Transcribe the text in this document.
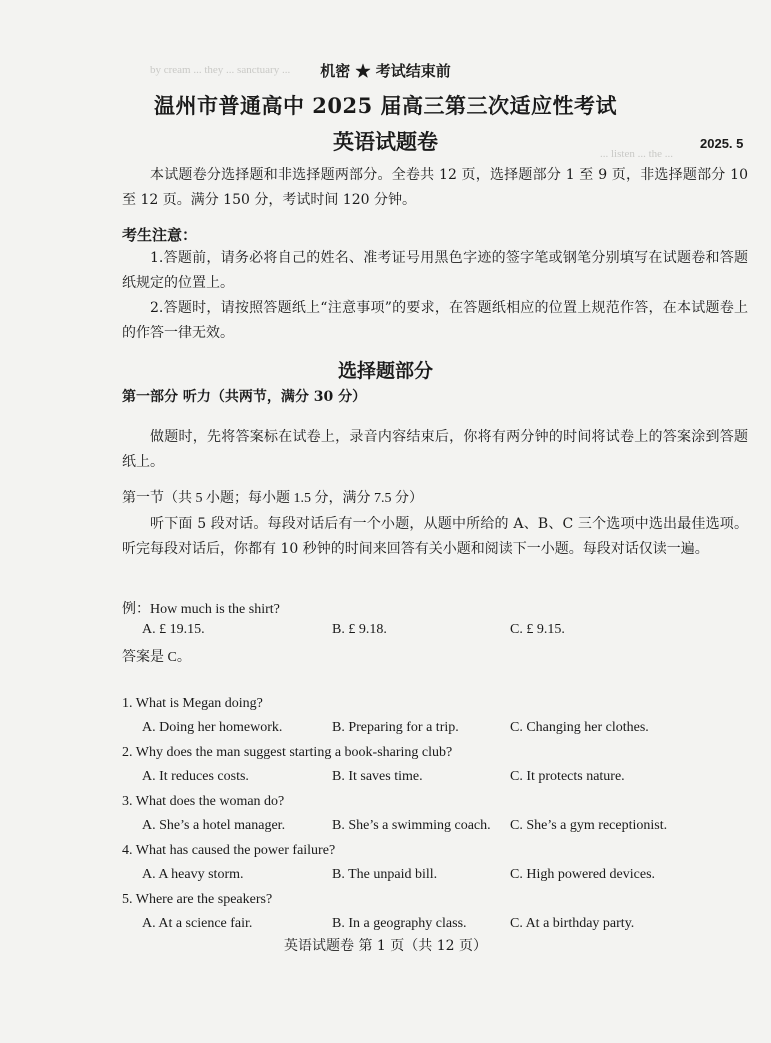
by cream ... they ... sanctuary ...
... listen ... the ...
机密 ★ 考试结束前
温州市普通高中 2025 届高三第三次适应性考试
英语试题卷	2025. 5
本试题卷分选择题和非选择题两部分。全卷共 12 页，选择题部分 1 至 9 页，非选择题部分 10 至 12 页。满分 150 分，考试时间 120 分钟。
考生注意：
1.答题前，请务必将自己的姓名、准考证号用黑色字迹的签字笔或钢笔分别填写在试题卷和答题纸规定的位置上。
2.答题时，请按照答题纸上“注意事项”的要求，在答题纸相应的位置上规范作答，在本试题卷上的作答一律无效。
选择题部分
第一部分 听力（共两节，满分 30 分）
做题时，先将答案标在试卷上，录音内容结束后，你将有两分钟的时间将试卷上的答案涂到答题纸上。
第一节（共 5 小题；每小题 1.5 分，满分 7.5 分）
听下面 5 段对话。每段对话后有一个小题，从题中所给的 A、B、C 三个选项中选出最佳选项。听完每段对话后，你都有 10 秒钟的时间来回答有关小题和阅读下一小题。每段对话仅读一遍。
例：How much is the shirt?
A. £ 19.15.	B. £ 9.18.	C. £ 9.15.
答案是 C。
1. What is Megan doing?
A. Doing her homework.	B. Preparing for a trip.	C. Changing her clothes.
2. Why does the man suggest starting a book-sharing club?
A. It reduces costs.	B. It saves time.	C. It protects nature.
3. What does the woman do?
A. She’s a hotel manager.	B. She’s a swimming coach. C. She’s a gym receptionist.
4. What has caused the power failure?
A. A heavy storm.	B. The unpaid bill.	C. High powered devices.
5. Where are the speakers?
A. At a science fair.	B. In a geography class.	C. At a birthday party.
英语试题卷 第 1 页（共 12 页）
